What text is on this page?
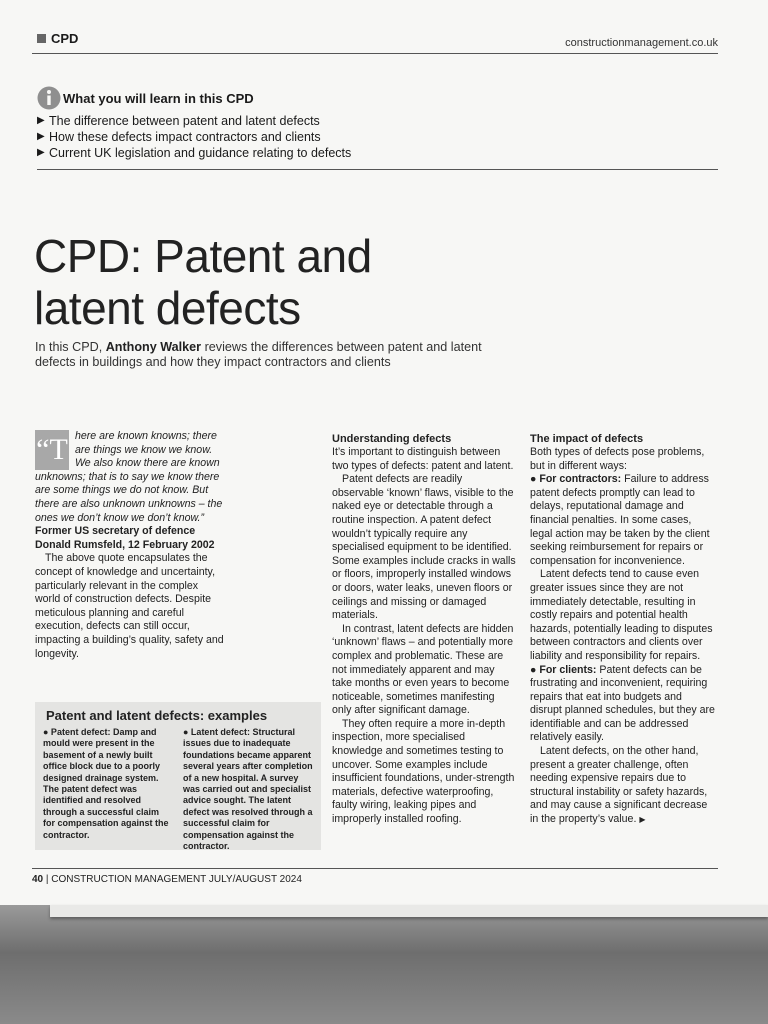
CPD	constructionmanagement.co.uk
What you will learn in this CPD
▶ The difference between patent and latent defects
▶ How these defects impact contractors and clients
▶ Current UK legislation and guidance relating to defects
CPD: Patent and
latent defects
In this CPD, Anthony Walker reviews the differences between patent and latent defects in buildings and how they impact contractors and clients
“T here are known knowns; there are things we know we know. We also know there are known unknowns; that is to say we know there are some things we do not know. But there are also unknown unknowns – the ones we don’t know we don’t know.”

Former US secretary of defence

Donald Rumsfeld, 12 February 2002

The above quote encapsulates the concept of knowledge and uncertainty, particularly relevant in the complex world of construction defects. Despite meticulous planning and careful execution, defects can still occur, impacting a building’s quality, safety and longevity.

Patent and latent defects: examples
● Patent defect: Damp and mould were present in the basement of a newly built office block due to a poorly designed drainage system. The patent defect was identified and resolved through a successful claim for compensation against the contractor.
● Latent defect: Structural issues due to inadequate foundations became apparent several years after completion of a new hospital. A survey was carried out and specialist advice sought. The latent defect was resolved through a successful claim for compensation against the contractor.
Understanding defects

It’s important to distinguish between two types of defects: patent and latent.

Patent defects are readily observable ‘known’ flaws, visible to the naked eye or detectable through a routine inspection. A patent defect wouldn’t typically require any specialised equipment to be identified. Some examples include cracks in walls or floors, improperly installed windows or doors, water leaks, uneven floors or ceilings and missing or damaged materials.

In contrast, latent defects are hidden ‘unknown’ flaws – and potentially more complex and problematic. These are not immediately apparent and may take months or even years to become noticeable, sometimes manifesting only after significant damage.

They often require a more in-depth inspection, more specialised knowledge and sometimes testing to uncover. Some examples include insufficient foundations, under-strength materials, defective waterproofing, faulty wiring, leaking pipes and improperly installed roofing.

The impact of defects

Both types of defects pose problems, but in different ways:

● For contractors: Failure to address patent defects promptly can lead to delays, reputational damage and financial penalties. In some cases, legal action may be taken by the client seeking reimbursement for repairs or compensation for inconvenience.

Latent defects tend to cause even greater issues since they are not immediately detectable, resulting in costly repairs and potential health hazards, potentially leading to disputes between contractors and clients over liability and responsibility for repairs.

● For clients: Patent defects can be frustrating and inconvenient, requiring repairs that eat into budgets and disrupt planned schedules, but they are identifiable and can be addressed relatively easily.

Latent defects, on the other hand, present a greater challenge, often needing expensive repairs due to structural instability or safety hazards, and may cause a significant decrease in the property’s value. ▶

40 | CONSTRUCTION MANAGEMENT JULY/AUGUST 2024
